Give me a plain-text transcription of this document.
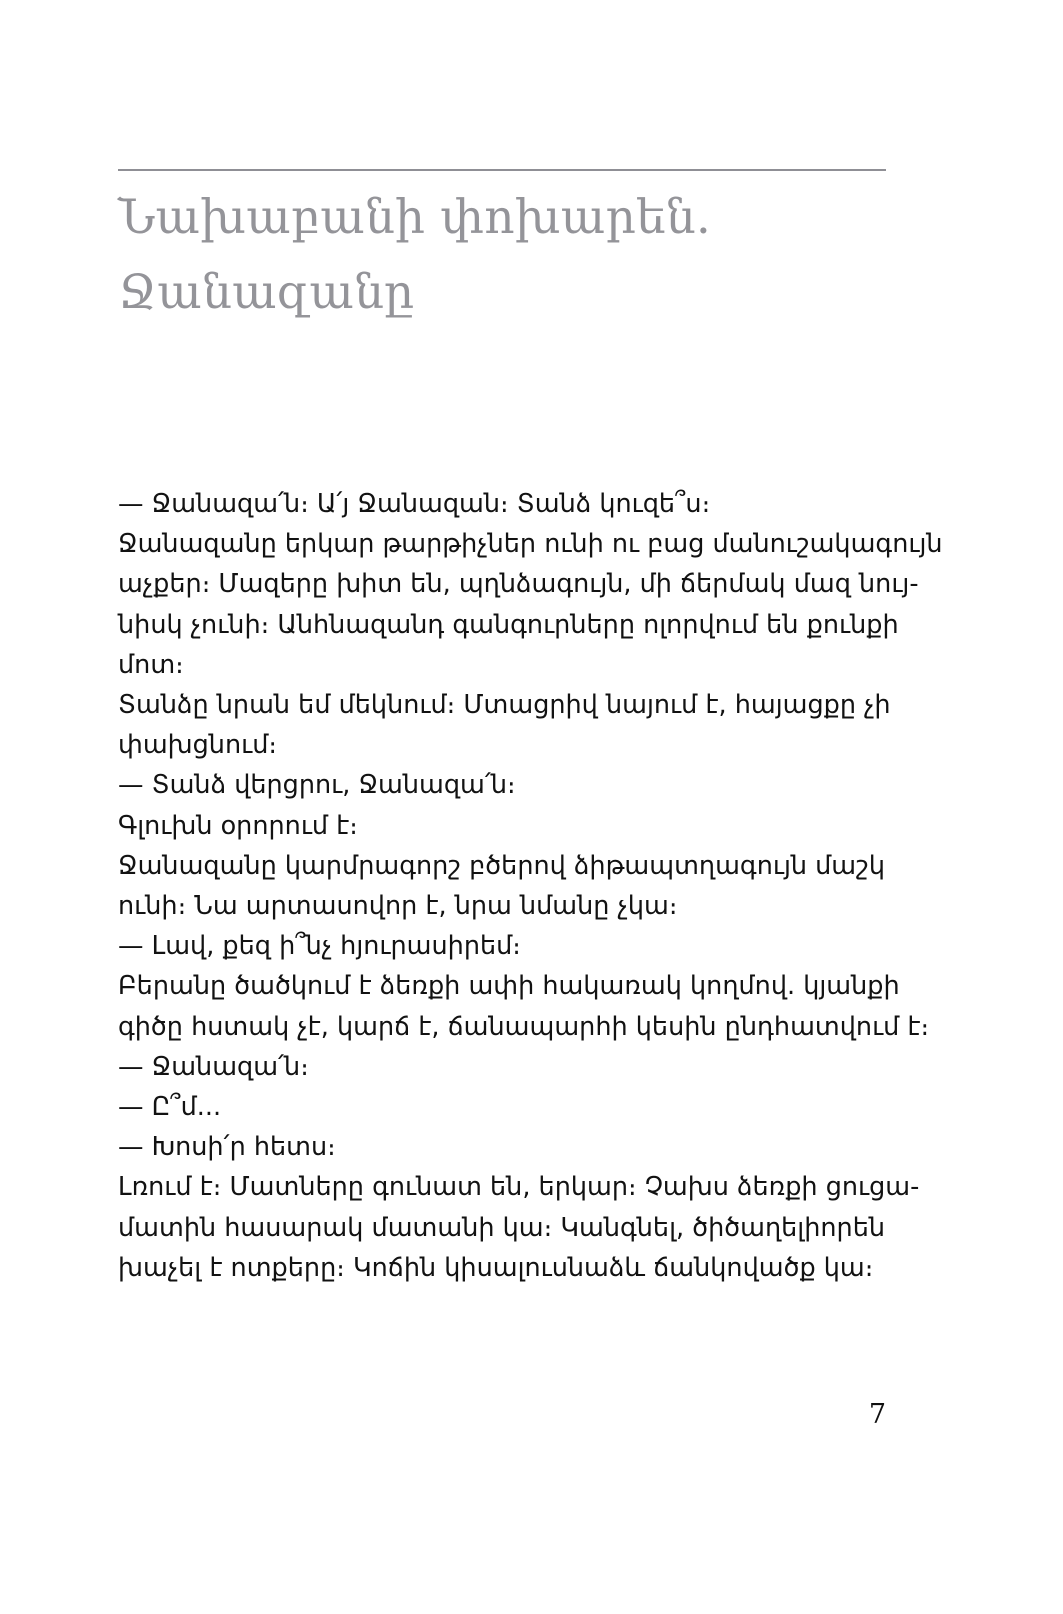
Նախաբանի փոխարեն.
Ջանազանը

— Ջանազա՛ն։ Ա՛յ Ջանազան։ Տանձ կուզե՞ս։

Ջանազանը երկար թարթիչներ ունի ու բաց մանուշակագույն

աչքեր։ Մազերը խիտ են, պղնձագույն, մի ճերմակ մազ նույ-

նիսկ չունի։ Անհնազանդ գանգուրները ոլորվում են քունքի

մոտ։

Տանձը նրան եմ մեկնում։ Մտացրիվ նայում է, հայացքը չի

փախցնում։

— Տանձ վերցրու, Ջանազա՛ն։

Գլուխն օրորում է։

Ջանազանը կարմրագորշ բծերով ձիթապտղագույն մաշկ

ունի։ Նա արտասովոր է, նրա նմանը չկա։

— Լավ, քեզ ի՞նչ հյուրասիրեմ։

Բերանը ծածկում է ձեռքի ափի հակառակ կողմով. կյանքի

գիծը հստակ չէ, կարճ է, ճանապարհի կեսին ընդհատվում է։

— Ջանազա՛ն։

— Ը՞մ...

— Խոսի՛ր հետս։

Լռում է։ Մատները գունատ են, երկար։ Չախս ձեռքի ցուցա-

մատին հասարակ մատանի կա։ Կանգնել, ծիծաղելիորեն

խաչել է ոտքերը։ Կոճին կիսալուսնաձև ճանկովածք կա։

7
